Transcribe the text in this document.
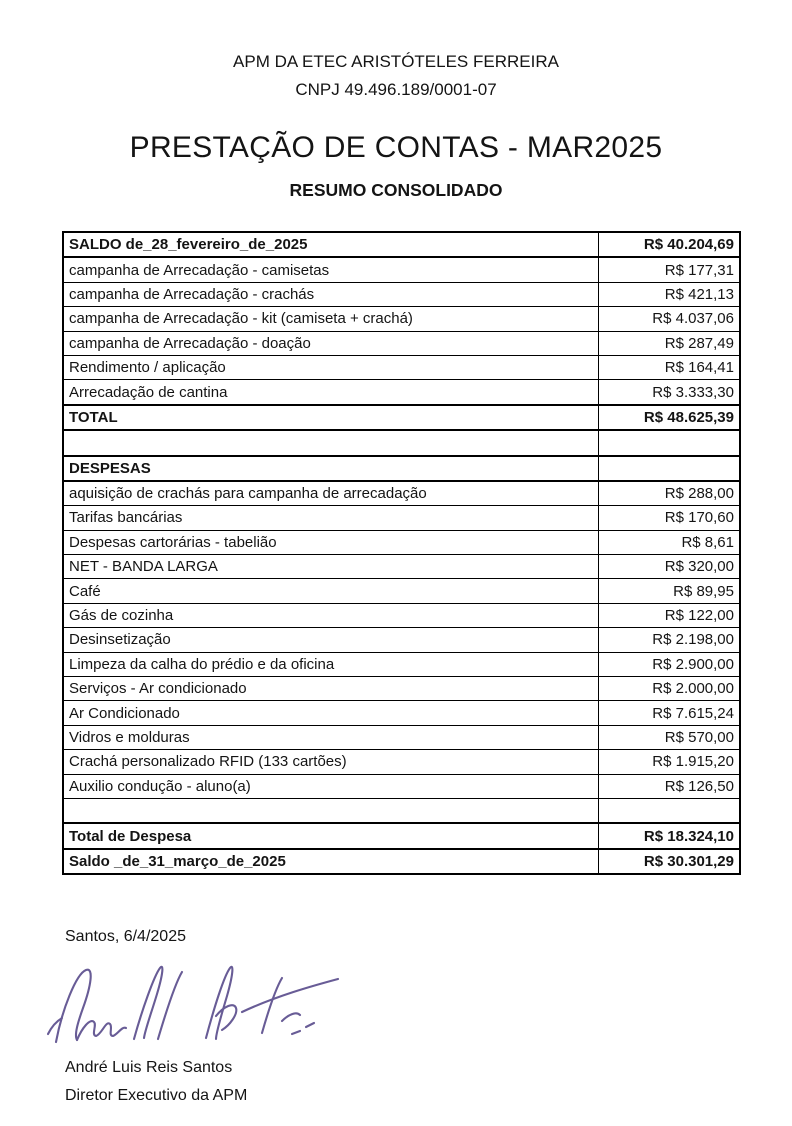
APM DA ETEC ARISTÓTELES FERREIRA
CNPJ 49.496.189/0001-07
PRESTAÇÃO DE CONTAS - MAR2025
RESUMO CONSOLIDADO
SALDO de_28_fevereiro_de_2025	R$ 40.204,69
campanha de Arrecadação - camisetas	R$ 177,31
campanha de Arrecadação - crachás	R$ 421,13
campanha de Arrecadação - kit (camiseta + crachá)	R$ 4.037,06
campanha de Arrecadação - doação	R$ 287,49
Rendimento / aplicação	R$ 164,41
Arrecadação de cantina	R$ 3.333,30
TOTAL	R$ 48.625,39

DESPESAS	
aquisição de crachás para campanha de arrecadação	R$ 288,00
Tarifas bancárias	R$ 170,60
Despesas cartorárias - tabelião	R$ 8,61
NET - BANDA LARGA	R$ 320,00
Café	R$ 89,95
Gás de cozinha	R$ 122,00
Desinsetização	R$ 2.198,00
Limpeza da calha do prédio e da oficina	R$ 2.900,00
Serviços - Ar condicionado	R$ 2.000,00
Ar Condicionado	R$ 7.615,24
Vidros e molduras	R$ 570,00
Crachá personalizado RFID (133 cartões)	R$ 1.915,20
Auxilio condução - aluno(a)	R$ 126,50

Total de Despesa	R$ 18.324,10
Saldo _de_31_março_de_2025	R$ 30.301,29
Santos, 6/4/2025
André Luis Reis Santos
Diretor Executivo da APM
